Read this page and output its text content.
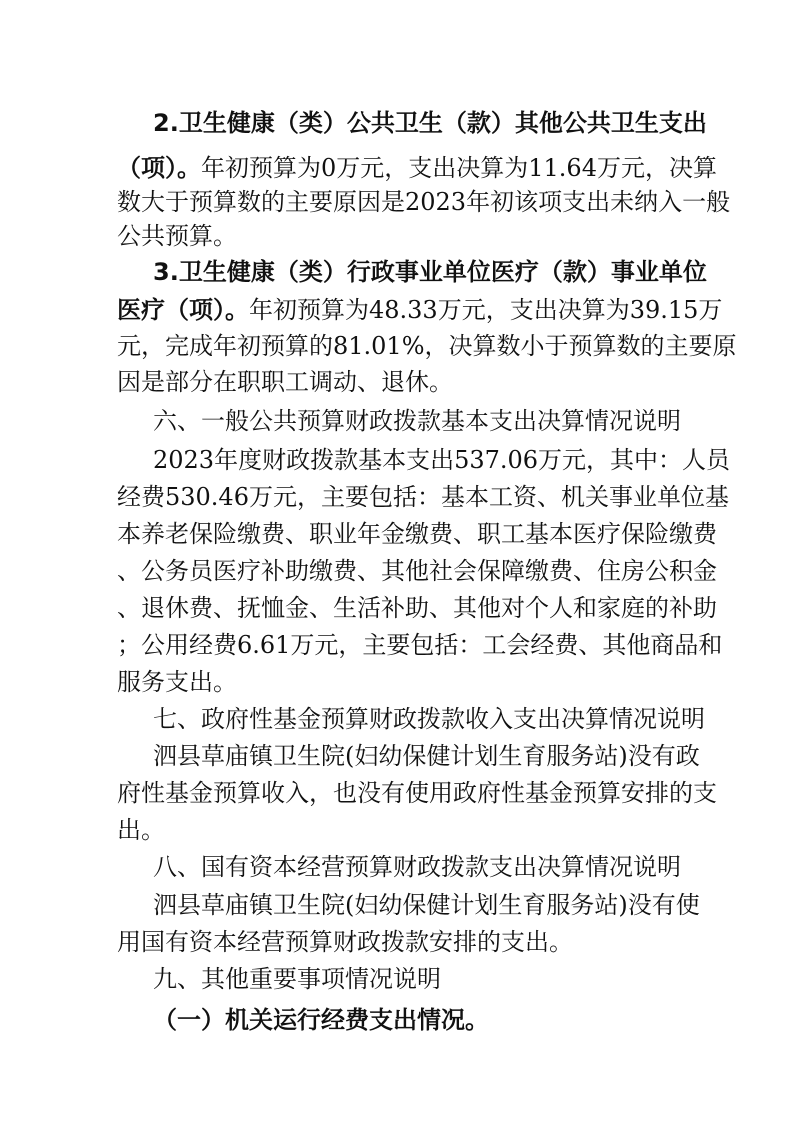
2.卫生健康（类）公共卫生（款）其他公共卫生支出
（项）。年初预算为0万元，支出决算为11.64万元，决算
数大于预算数的主要原因是2023年初该项支出未纳入一般
公共预算。
3.卫生健康（类）行政事业单位医疗（款）事业单位
医疗（项）。年初预算为48.33万元，支出决算为39.15万
元，完成年初预算的81.01%，决算数小于预算数的主要原
因是部分在职职工调动、退休。
六、一般公共预算财政拨款基本支出决算情况说明
2023年度财政拨款基本支出537.06万元，其中：人员
经费530.46万元，主要包括：基本工资、机关事业单位基
本养老保险缴费、职业年金缴费、职工基本医疗保险缴费
、公务员医疗补助缴费、其他社会保障缴费、住房公积金
、退休费、抚恤金、生活补助、其他对个人和家庭的补助
；公用经费6.61万元，主要包括：工会经费、其他商品和
服务支出。
七、政府性基金预算财政拨款收入支出决算情况说明
泗县草庙镇卫生院(妇幼保健计划生育服务站)没有政
府性基金预算收入，也没有使用政府性基金预算安排的支
出。
八、国有资本经营预算财政拨款支出决算情况说明
泗县草庙镇卫生院(妇幼保健计划生育服务站)没有使
用国有资本经营预算财政拨款安排的支出。
九、其他重要事项情况说明
（一）机关运行经费支出情况。
